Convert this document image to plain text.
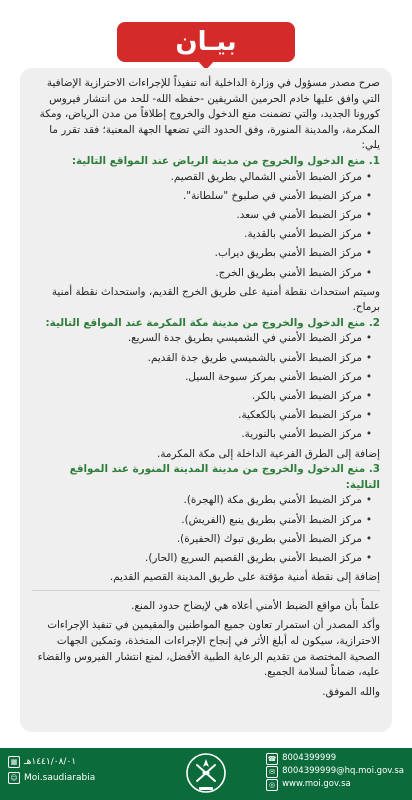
بيـان

صرح مصدر مسؤول في وزارة الداخلية أنه تنفيذاً للإجراءات الاحترازية الإضافية التي وافق عليها خادم الحرمين الشريفين -حفظه الله- للحد من انتشار فيروس كورونا الجديد، والتي تضمنت منع الدخول والخروج إطلاقاً من مدن الرياض، ومكة المكرمة، والمدينة المنورة، وفق الحدود التي تضعها الجهة المعنية؛ فقد تقرر ما يلي:

1. منع الدخول والخروج من مدينة الرياض عند المواقع التالية:

• مركز الضبط الأمني الشمالي بطريق القصيم.
• مركز الضبط الأمني في صلبوخ "سلطانة".
• مركز الضبط الأمني في سعد.
• مركز الضبط الأمني بالقدية.
• مركز الضبط الأمني بطريق ديراب.
• مركز الضبط الأمني بطريق الخرج.

وسيتم استحداث نقطة أمنية على طريق الخرج القديم، واستحداث نقطة أمنية برماح.

2. منع الدخول والخروج من مدينة مكة المكرمة عند المواقع التالية:

• مركز الضبط الأمني في الشميسي بطريق جدة السريع.
• مركز الضبط الأمني بالشميسي طريق جدة القديم.
• مركز الضبط الأمني بمركز سبوحة السيل.
• مركز الضبط الأمني بالكر.
• مركز الضبط الأمني بالكعكية.
• مركز الضبط الأمني بالنورية.

إضافة إلى الطرق الفرعية الداخلة إلى مكة المكرمة.

3. منع الدخول والخروج من مدينة المدينة المنورة عند المواقع التالية:

• مركز الضبط الأمني بطريق مكة (الهجرة).
• مركز الضبط الأمني بطريق ينبع (الفريش).
• مركز الضبط الأمني بطريق تبوك (الحفيرة).
• مركز الضبط الأمني بطريق القصيم السريع (الحار).

إضافة إلى نقطة أمنية مؤقتة على طريق المدينة القصيم القديم.

علماً بأن مواقع الضبط الأمني أعلاه هي لإيضاح حدود المنع.

وأكد المصدر أن استمرار تعاون جميع المواطنين والمقيمين في تنفيذ الإجراءات الاحترازية، سيكون له أبلغ الأثر في إنجاح الإجراءات المتخذة، وتمكين الجهات الصحية المختصة من تقديم الرعاية الطبية الأفضل، لمنع انتشار الفيروس والقضاء عليه، ضماناً لسلامة الجميع.

والله الموفق.

▦ ١٤٤١/٠٨/٠١هـ
☺ Moi.saudiarabia
☎ 8004399999
✉ 8004399999@hq.moi.gov.sa
◎ www.moi.gov.sa
